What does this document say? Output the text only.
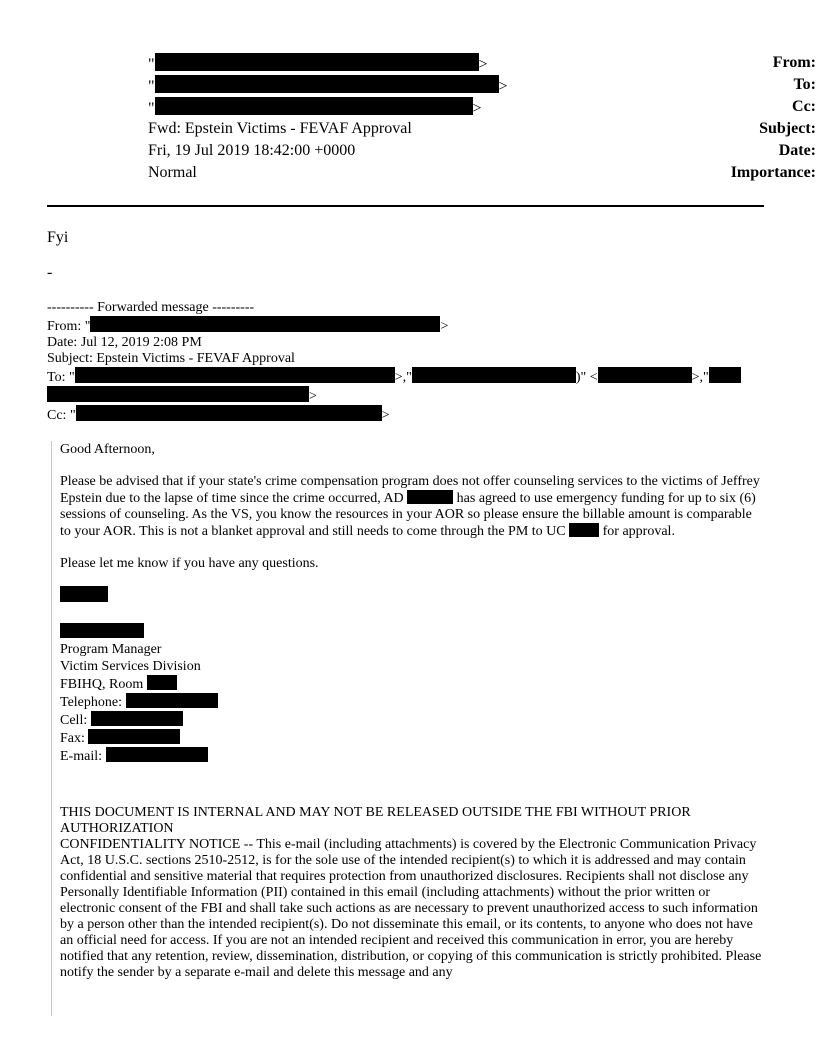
From:
"	>
To:
"	>
Cc:
"	>
Subject:
Fwd: Epstein Victims - FEVAF Approval
Date:
Fri, 19 Jul 2019 18:42:00 +0000
Importance:
Normal
Fyi
-
---------- Forwarded message ---------
From: "	>
Date: Jul 12, 2019 2:08 PM
Subject: Epstein Victims - FEVAF Approval
To: "	>,"	)" <	>,"
>
Cc: "	>

Good Afternoon,

Please be advised that if your state's crime compensation program does not offer counseling services to the victims of Jeffrey Epstein due to the lapse of time since the crime occurred, AD	has agreed to use emergency funding for up to six (6) sessions of counseling. As the VS, you know the resources in your AOR so please ensure the billable amount is comparable to your AOR. This is not a blanket approval and still needs to come through the PM to UC	for approval.

Please let me know if you have any questions.

Program Manager
Victim Services Division
FBIHQ, Room
Telephone:
Cell:
Fax:
E-mail:

THIS DOCUMENT IS INTERNAL AND MAY NOT BE RELEASED OUTSIDE THE FBI WITHOUT PRIOR AUTHORIZATION

CONFIDENTIALITY NOTICE -- This e-mail (including attachments) is covered by the Electronic Communication Privacy Act, 18 U.S.C. sections 2510-2512, is for the sole use of the intended recipient(s) to which it is addressed and may contain confidential and sensitive material that requires protection from unauthorized disclosures. Recipients shall not disclose any Personally Identifiable Information (PII) contained in this email (including attachments) without the prior written or electronic consent of the FBI and shall take such actions as are necessary to prevent unauthorized access to such information by a person other than the intended recipient(s). Do not disseminate this email, or its contents, to anyone who does not have an official need for access. If you are not an intended recipient and received this communication in error, you are hereby notified that any retention, review, dissemination, distribution, or copying of this communication is strictly prohibited. Please notify the sender by a separate e-mail and delete this message and any
